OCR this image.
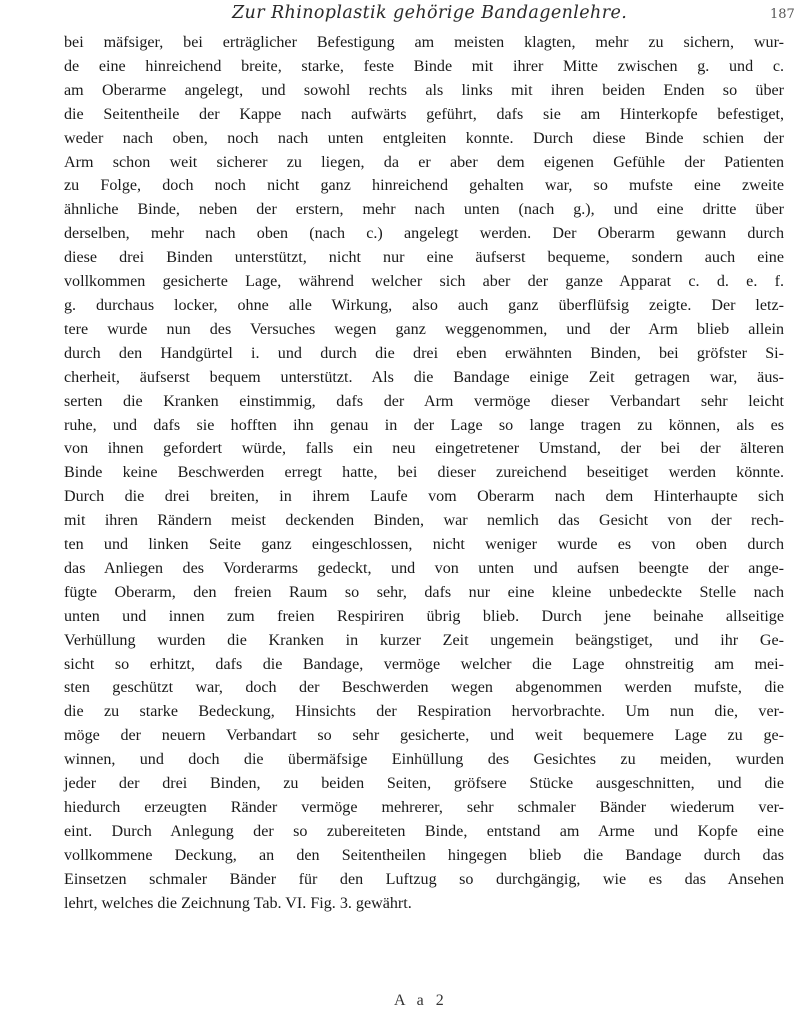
Zur Rhinoplastik gehörige Bandagenlehre.	187
bei mäfsiger, bei erträglicher Befestigung am meisten klagten, mehr zu sichern, wur-
de eine hinreichend breite, starke, feste Binde mit ihrer Mitte zwischen g. und c.
am Oberarme angelegt, und sowohl rechts als links mit ihren beiden Enden so über
die Seitentheile der Kappe nach aufwärts geführt, dafs sie am Hinterkopfe befestiget,
weder nach oben, noch nach unten entgleiten konnte. Durch diese Binde schien der
Arm schon weit sicherer zu liegen, da er aber dem eigenen Gefühle der Patienten
zu Folge, doch noch nicht ganz hinreichend gehalten war, so mufste eine zweite
ähnliche Binde, neben der erstern, mehr nach unten (nach g.), und eine dritte über
derselben, mehr nach oben (nach c.) angelegt werden. Der Oberarm gewann durch
diese drei Binden unterstützt, nicht nur eine äufserst bequeme, sondern auch eine
vollkommen gesicherte Lage, während welcher sich aber der ganze Apparat c. d. e. f.
g. durchaus locker, ohne alle Wirkung, also auch ganz überflüfsig zeigte. Der letz-
tere wurde nun des Versuches wegen ganz weggenommen, und der Arm blieb allein
durch den Handgürtel i. und durch die drei eben erwähnten Binden, bei gröfster Si-
cherheit, äufserst bequem unterstützt. Als die Bandage einige Zeit getragen war, äus-
serten die Kranken einstimmig, dafs der Arm vermöge dieser Verbandart sehr leicht
ruhe, und dafs sie hofften ihn genau in der Lage so lange tragen zu können, als es
von ihnen gefordert würde, falls ein neu eingetretener Umstand, der bei der älteren
Binde keine Beschwerden erregt hatte, bei dieser zureichend beseitiget werden könnte.
Durch die drei breiten, in ihrem Laufe vom Oberarm nach dem Hinterhaupte sich
mit ihren Rändern meist deckenden Binden, war nemlich das Gesicht von der rech-
ten und linken Seite ganz eingeschlossen, nicht weniger wurde es von oben durch
das Anliegen des Vorderarms gedeckt, und von unten und aufsen beengte der ange-
fügte Oberarm, den freien Raum so sehr, dafs nur eine kleine unbedeckte Stelle nach
unten und innen zum freien Respiriren übrig blieb. Durch jene beinahe allseitige
Verhüllung wurden die Kranken in kurzer Zeit ungemein beängstiget, und ihr Ge-
sicht so erhitzt, dafs die Bandage, vermöge welcher die Lage ohnstreitig am mei-
sten geschützt war, doch der Beschwerden wegen abgenommen werden mufste, die
die zu starke Bedeckung, Hinsichts der Respiration hervorbrachte. Um nun die, ver-
möge der neuern Verbandart so sehr gesicherte, und weit bequemere Lage zu ge-
winnen, und doch die übermäfsige Einhüllung des Gesichtes zu meiden, wurden
jeder der drei Binden, zu beiden Seiten, gröfsere Stücke ausgeschnitten, und die
hiedurch erzeugten Ränder vermöge mehrerer, sehr schmaler Bänder wiederum ver-
eint. Durch Anlegung der so zubereiteten Binde, entstand am Arme und Kopfe eine
vollkommene Deckung, an den Seitentheilen hingegen blieb die Bandage durch das
Einsetzen schmaler Bänder für den Luftzug so durchgängig, wie es das Ansehen
lehrt, welches die Zeichnung Tab. VI. Fig. 3. gewährt.
A a 2
